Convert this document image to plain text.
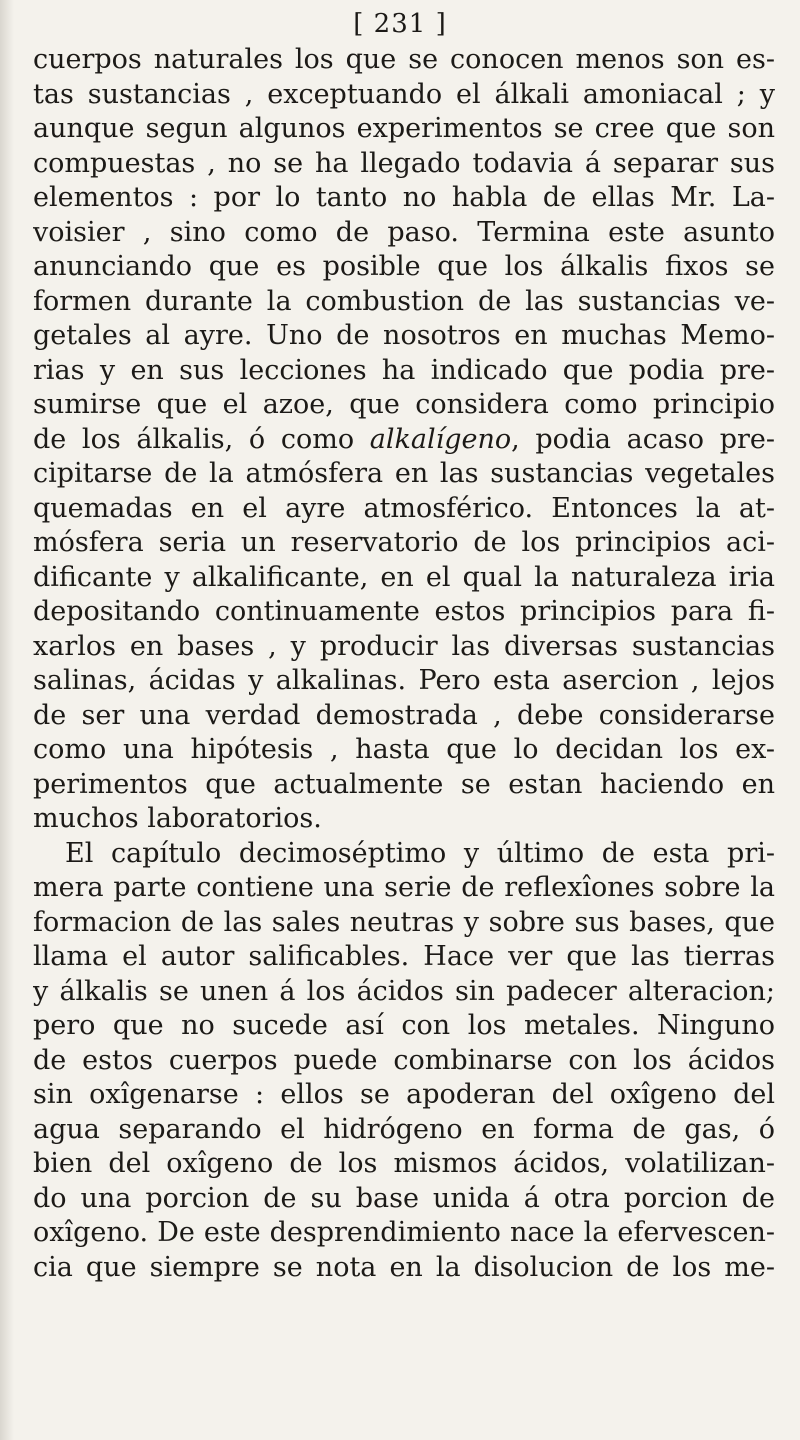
[ 231 ]
cuerpos naturales los que se conocen menos son es-
tas sustancias , exceptuando el álkali amoniacal ; y
aunque segun algunos experimentos se cree que son
compuestas , no se ha llegado todavia á separar sus
elementos : por lo tanto no habla de ellas Mr. La-
voisier , sino como de paso. Termina este asunto
anunciando que es posible que los álkalis fixos se
formen durante la combustion de las sustancias ve-
getales al ayre. Uno de nosotros en muchas Memo-
rias y en sus lecciones ha indicado que podia pre-
sumirse que el azoe, que considera como principio
de los álkalis, ó como alkalígeno, podia acaso pre-
cipitarse de la atmósfera en las sustancias vegetales
quemadas en el ayre atmosférico. Entonces la at-
mósfera seria un reservatorio de los principios aci-
dificante y alkalificante, en el qual la naturaleza iria
depositando continuamente estos principios para fi-
xarlos en bases , y producir las diversas sustancias
salinas, ácidas y alkalinas. Pero esta asercion , lejos
de ser una verdad demostrada , debe considerarse
como una hipótesis , hasta que lo decidan los ex-
perimentos que actualmente se estan haciendo en
muchos laboratorios.
El capítulo decimoséptimo y último de esta pri-
mera parte contiene una serie de reflexîones sobre la
formacion de las sales neutras y sobre sus bases, que
llama el autor salificables. Hace ver que las tierras
y álkalis se unen á los ácidos sin padecer alteracion;
pero que no sucede así con los metales. Ninguno
de estos cuerpos puede combinarse con los ácidos
sin oxîgenarse : ellos se apoderan del oxîgeno del
agua separando el hidrógeno en forma de gas, ó
bien del oxîgeno de los mismos ácidos, volatilizan-
do una porcion de su base unida á otra porcion de
oxîgeno. De este desprendimiento nace la efervescen-
cia que siempre se nota en la disolucion de los me-
